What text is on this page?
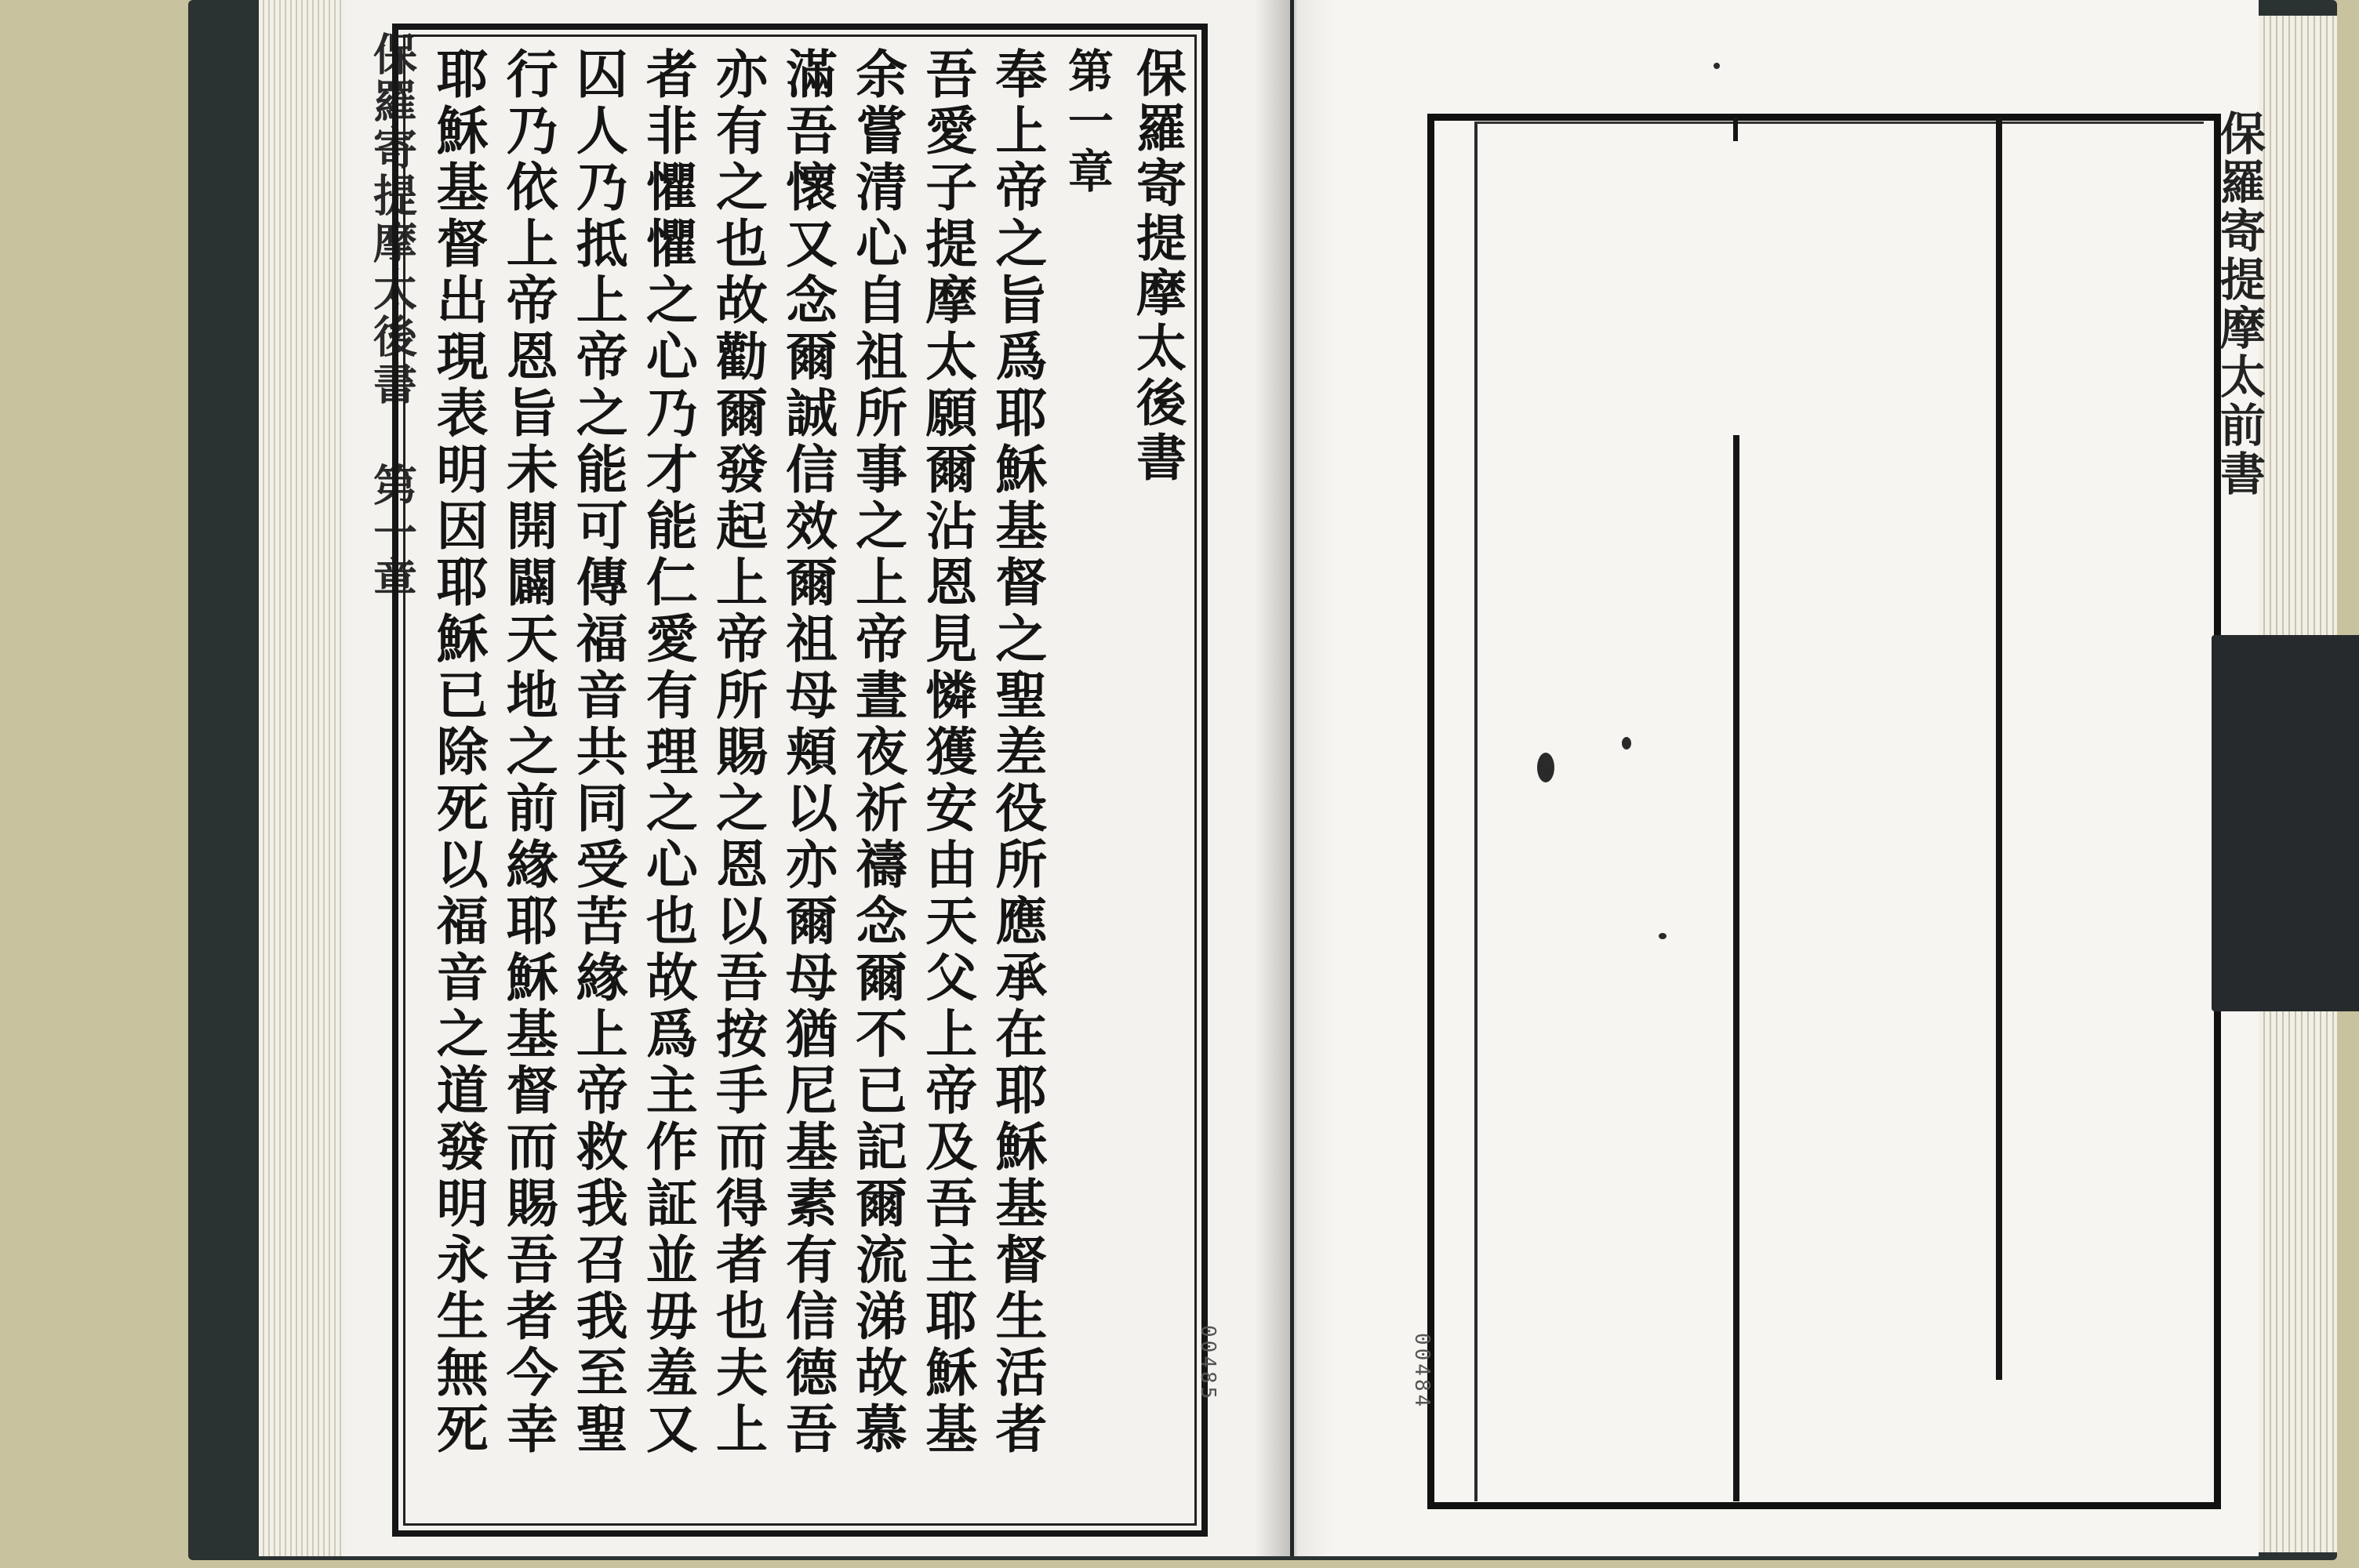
保羅寄提摩太後書 第一章	保羅寄提摩太後書
第一章
奉上帝之旨爲耶穌基督之聖差役所應承在耶穌基督生活者
吾愛子提摩太願爾沾恩見憐獲安由天父上帝及吾主耶穌基
余嘗清心自祖所事之上帝晝夜祈禱念爾不已記爾流涕故慕
滿吾懷又念爾誠信效爾祖母頬以亦爾母猶尼基素有信德吾
亦有之也故勸爾發起上帝所賜之恩以吾按手而得者也夫上
者非懼懼之心乃才能仁愛有理之心也故爲主作証並毋羞又
囚人乃抵上帝之能可傳福音共同受苦緣上帝救我召我至聖
行乃依上帝恩旨未開闢天地之前緣耶穌基督而賜吾者今幸
耶穌基督出現表明因耶穌已除死以福音之道發明永生無死
00485	00484
保羅寄提摩太前書
